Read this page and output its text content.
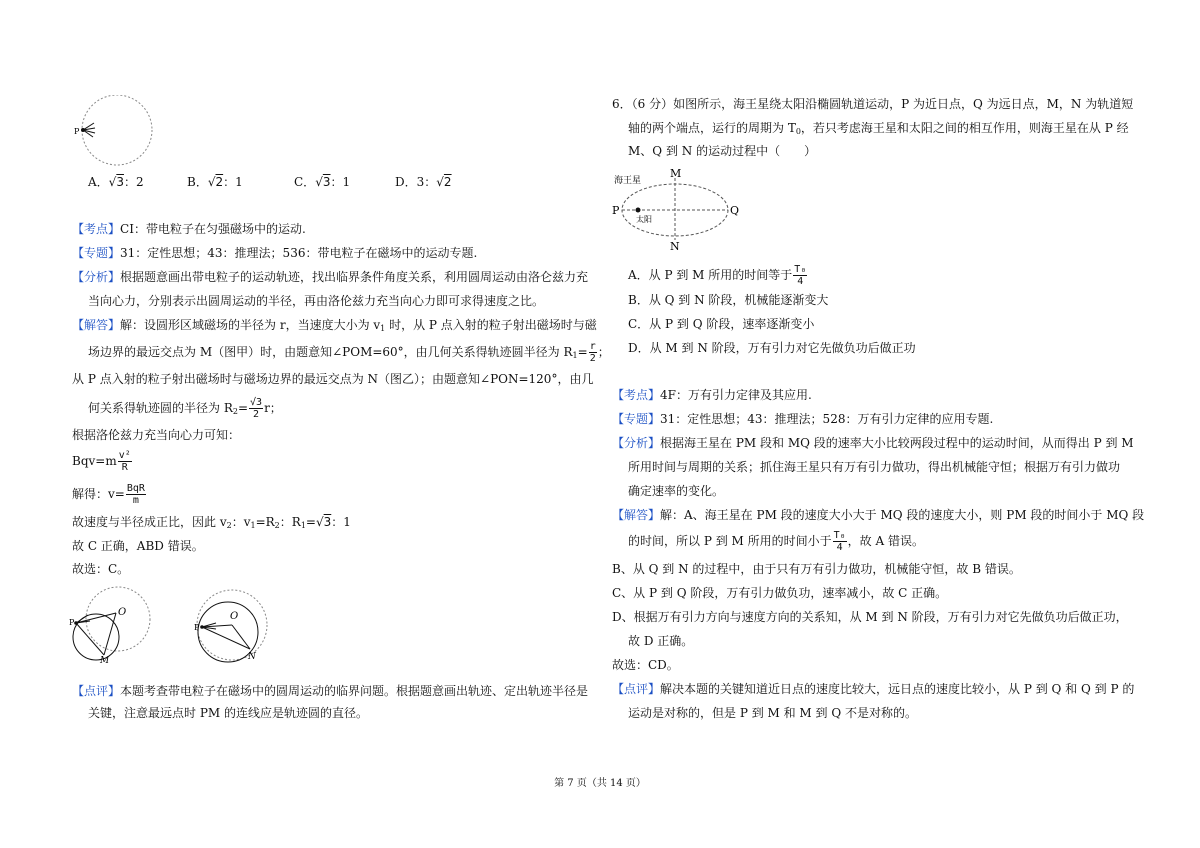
P
A．√3：2	B．√2：1	C．√3：1	D．3：√2
【考点】CI：带电粒子在匀强磁场中的运动.
【专题】31：定性思想；43：推理法；536：带电粒子在磁场中的运动专题.
【分析】根据题意画出带电粒子的运动轨迹，找出临界条件角度关系，利用圆周运动由洛仑兹力充
当向心力，分别表示出圆周运动的半径，再由洛伦兹力充当向心力即可求得速度之比。
【解答】解：设圆形区域磁场的半径为 r，当速度大小为 $v_1$ 时，从 P 点入射的粒子射出磁场时与磁
场边界的最远交点为 M（图甲）时，由题意知∠POM=60°，由几何关系得轨迹圆半径为 $R_1= \frac{r}{2}$ ；
从 P 点入射的粒子射出磁场时与磁场边界的最远交点为 N（图乙）；由题意知∠PON=120°，由几
何关系得轨迹圆的半径为 $R_2= \frac{√3}{2}$ r；
根据洛伦兹力充当向心力可知：
$Bqv=m \frac{\text{v²}}{R}$
解得：$v= \frac{\text{BqR}}{m}$
故速度与半径成正比，因此 $v_2$：$v_1=R_2$：$R_1=√3$：1
故 C 正确，ABD 错误。
故选：C。
P
O
M
P
O
N
【点评】本题考查带电粒子在磁场中的圆周运动的临界问题。根据题意画出轨迹、定出轨迹半径是
关键，注意最远点时 PM 的连线应是轨迹圆的直径。
6．（6 分）如图所示，海王星绕太阳沿椭圆轨道运动，P 为近日点，Q 为远日点，M，N 为轨道短
轴的两个端点，运行的周期为 $T_0$，若只考虑海王星和太阳之间的相互作用，则海王星在从 P 经
M、Q 到 N 的运动过程中（　　）
海王星
M
N
P	Q
太阳
A．从 P 到 M 所用的时间等于 $\frac{\text{T₀}}{4}$
B．从 Q 到 N 阶段，机械能逐渐变大
C．从 P 到 Q 阶段，速率逐渐变小
D．从 M 到 N 阶段，万有引力对它先做负功后做正功
【考点】4F：万有引力定律及其应用.
【专题】31：定性思想；43：推理法；528：万有引力定律的应用专题.
【分析】根据海王星在 PM 段和 MQ 段的速率大小比较两段过程中的运动时间，从而得出 P 到 M
所用时间与周期的关系；抓住海王星只有万有引力做功，得出机械能守恒；根据万有引力做功
确定速率的变化。
【解答】解：A、海王星在 PM 段的速度大小大于 MQ 段的速度大小，则 PM 段的时间小于 MQ 段
的时间，所以 P 到 M 所用的时间小于 $\frac{\text{T₀}}{4}$ ，故 A 错误。
B、从 Q 到 N 的过程中，由于只有万有引力做功，机械能守恒，故 B 错误。
C、从 P 到 Q 阶段，万有引力做负功，速率减小，故 C 正确。
D、根据万有引力方向与速度方向的关系知，从 M 到 N 阶段，万有引力对它先做负功后做正功，
故 D 正确。
故选：CD。
【点评】解决本题的关键知道近日点的速度比较大，远日点的速度比较小，从 P 到 Q 和 Q 到 P 的
运动是对称的，但是 P 到 M 和 M 到 Q 不是对称的。
第 7 页（共 14 页）
